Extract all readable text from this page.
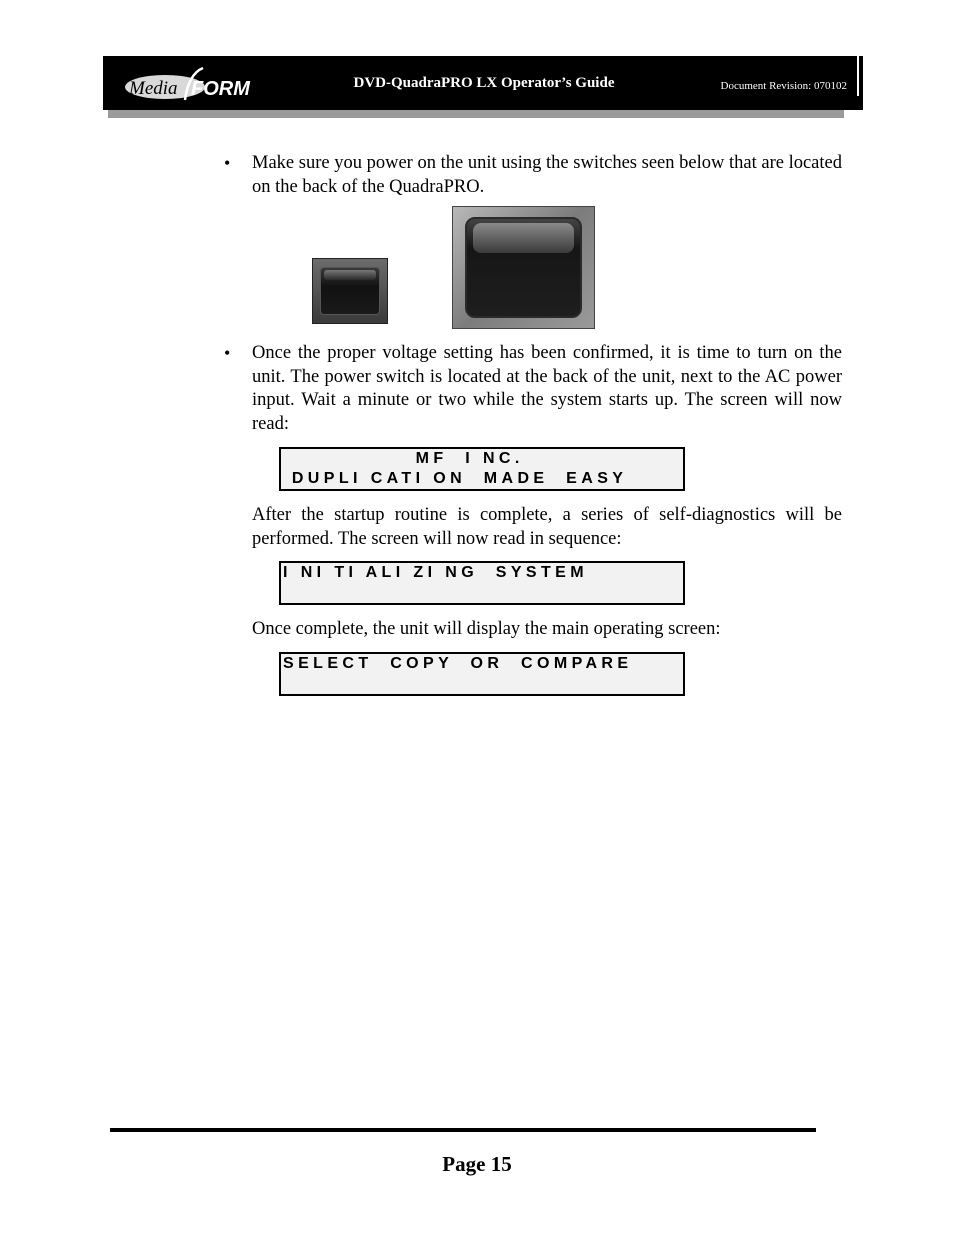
Media FORM	DVD-QuadraPRO LX Operator’s Guide	Document Revision: 070102
• Make sure you power on the unit using the switches seen below that are located on the back of the QuadraPRO.
• Once the proper voltage setting has been confirmed, it is time to turn on the unit. The power switch is located at the back of the unit, next to the AC power input. Wait a minute or two while the system starts up. The screen will now read:

MF  I NC.

DUPLI CATI ON  MADE  EASY

After the startup routine is complete, a series of self-diagnostics will be performed. The screen will now read in sequence:

I NI TI ALI ZI NG  SYSTEM

Once complete, the unit will display the main operating screen:

SELECT  COPY  OR  COMPARE

Page 15
